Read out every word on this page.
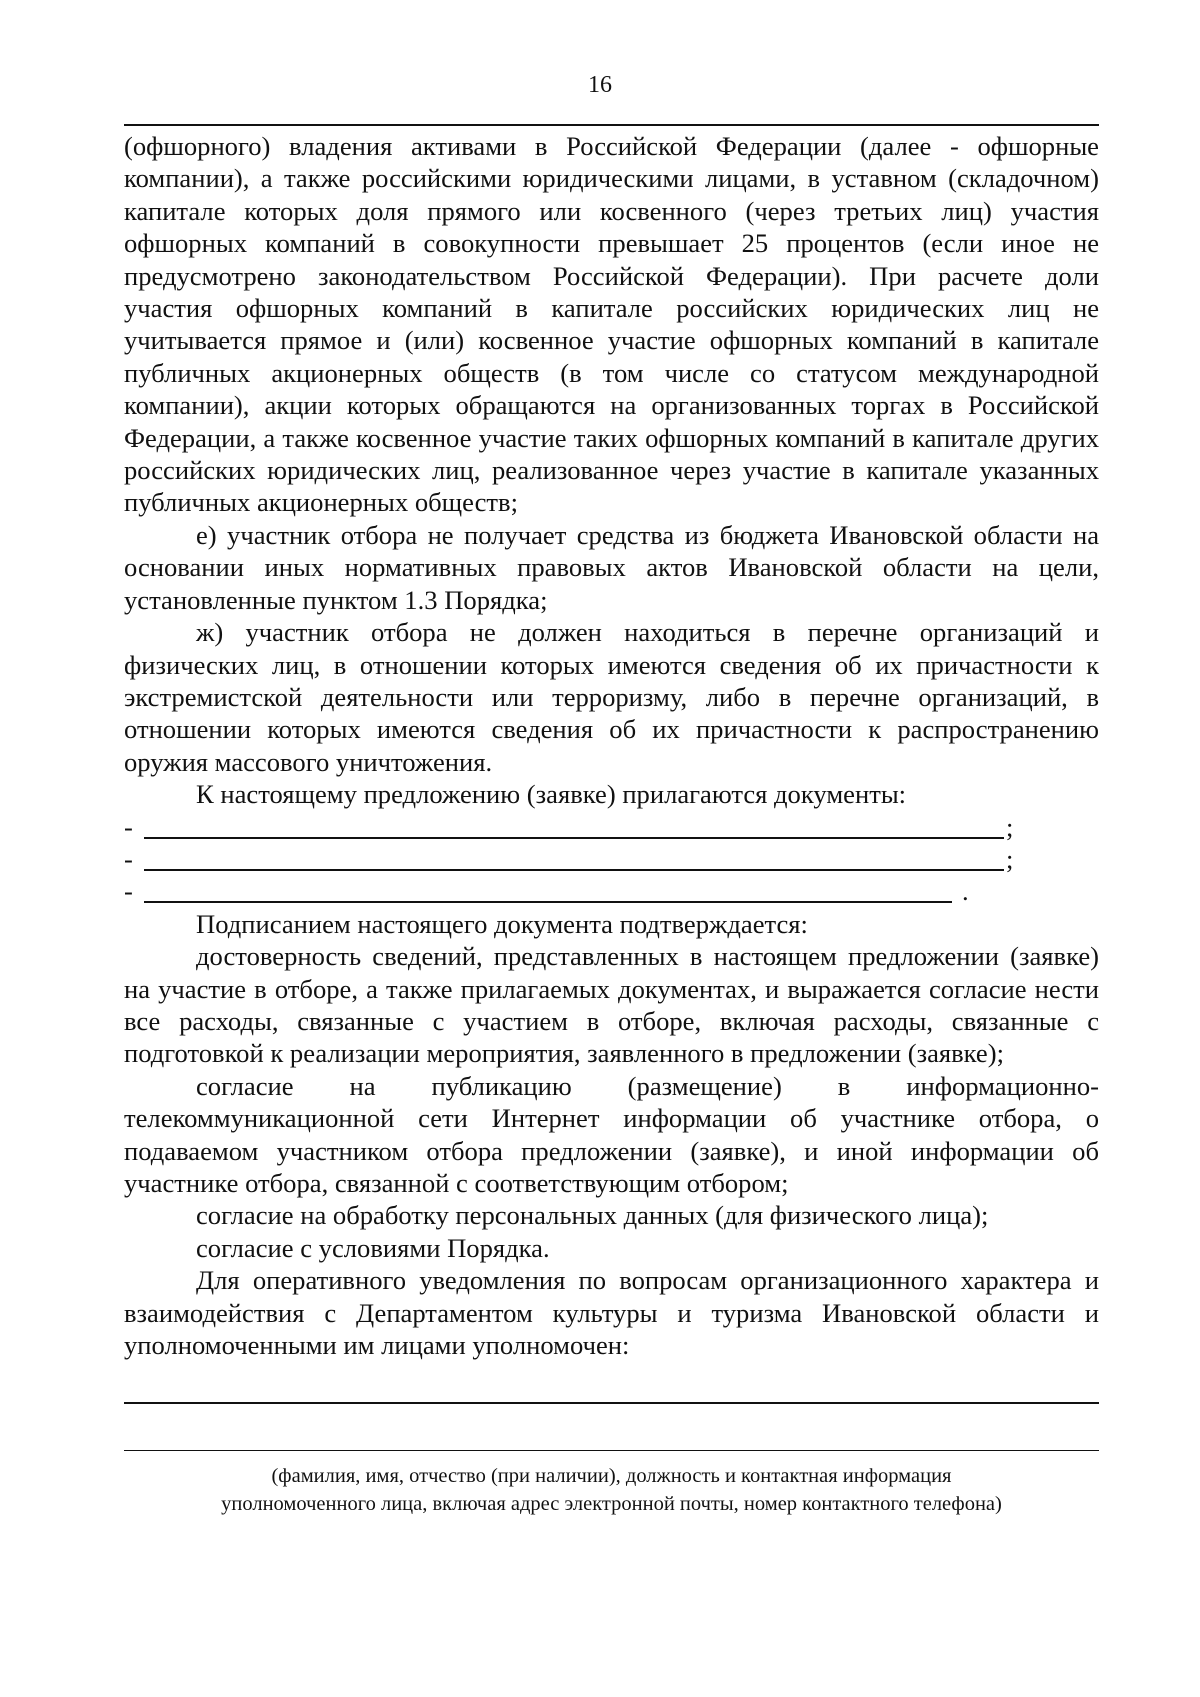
16

(офшорного) владения активами в Российской Федерации (далее - офшорные компании), а также российскими юридическими лицами, в уставном (складочном) капитале которых доля прямого или косвенного (через третьих лиц) участия офшорных компаний в совокупности превышает 25 процентов (если иное не предусмотрено законодательством Российской Федерации). При расчете доли участия офшорных компаний в капитале российских юридических лиц не учитывается прямое и (или) косвенное участие офшорных компаний в капитале публичных акционерных обществ (в том числе со статусом международной компании), акции которых обращаются на организованных торгах в Российской Федерации, а также косвенное участие таких офшорных компаний в капитале других российских юридических лиц, реализованное через участие в капитале указанных публичных акционерных обществ;

е) участник отбора не получает средства из бюджета Ивановской области на основании иных нормативных правовых актов Ивановской области на цели, установленные пунктом 1.3 Порядка;

ж) участник отбора не должен находиться в перечне организаций и физических лиц, в отношении которых имеются сведения об их причастности к экстремистской деятельности или терроризму, либо в перечне организаций, в отношении которых имеются сведения об их причастности к распространению оружия массового уничтожения.

К настоящему предложению (заявке) прилагаются документы:

-	;
-	;
-	.

Подписанием настоящего документа подтверждается:

достоверность сведений, представленных в настоящем предложении (заявке) на участие в отборе, а также прилагаемых документах, и выражается согласие нести все расходы, связанные с участием в отборе, включая расходы, связанные с подготовкой к реализации мероприятия, заявленного в предложении (заявке);

согласие на публикацию (размещение) в информационно-телекоммуникационной сети Интернет информации об участнике отбора, о подаваемом участником отбора предложении (заявке), и иной информации об участнике отбора, связанной с соответствующим отбором;

согласие на обработку персональных данных (для физического лица);

согласие с условиями Порядка.

Для оперативного уведомления по вопросам организационного характера и взаимодействия с Департаментом культуры и туризма Ивановской области и уполномоченными им лицами уполномочен:

(фамилия, имя, отчество (при наличии), должность и контактная информация
уполномоченного лица, включая адрес электронной почты, номер контактного телефона)
